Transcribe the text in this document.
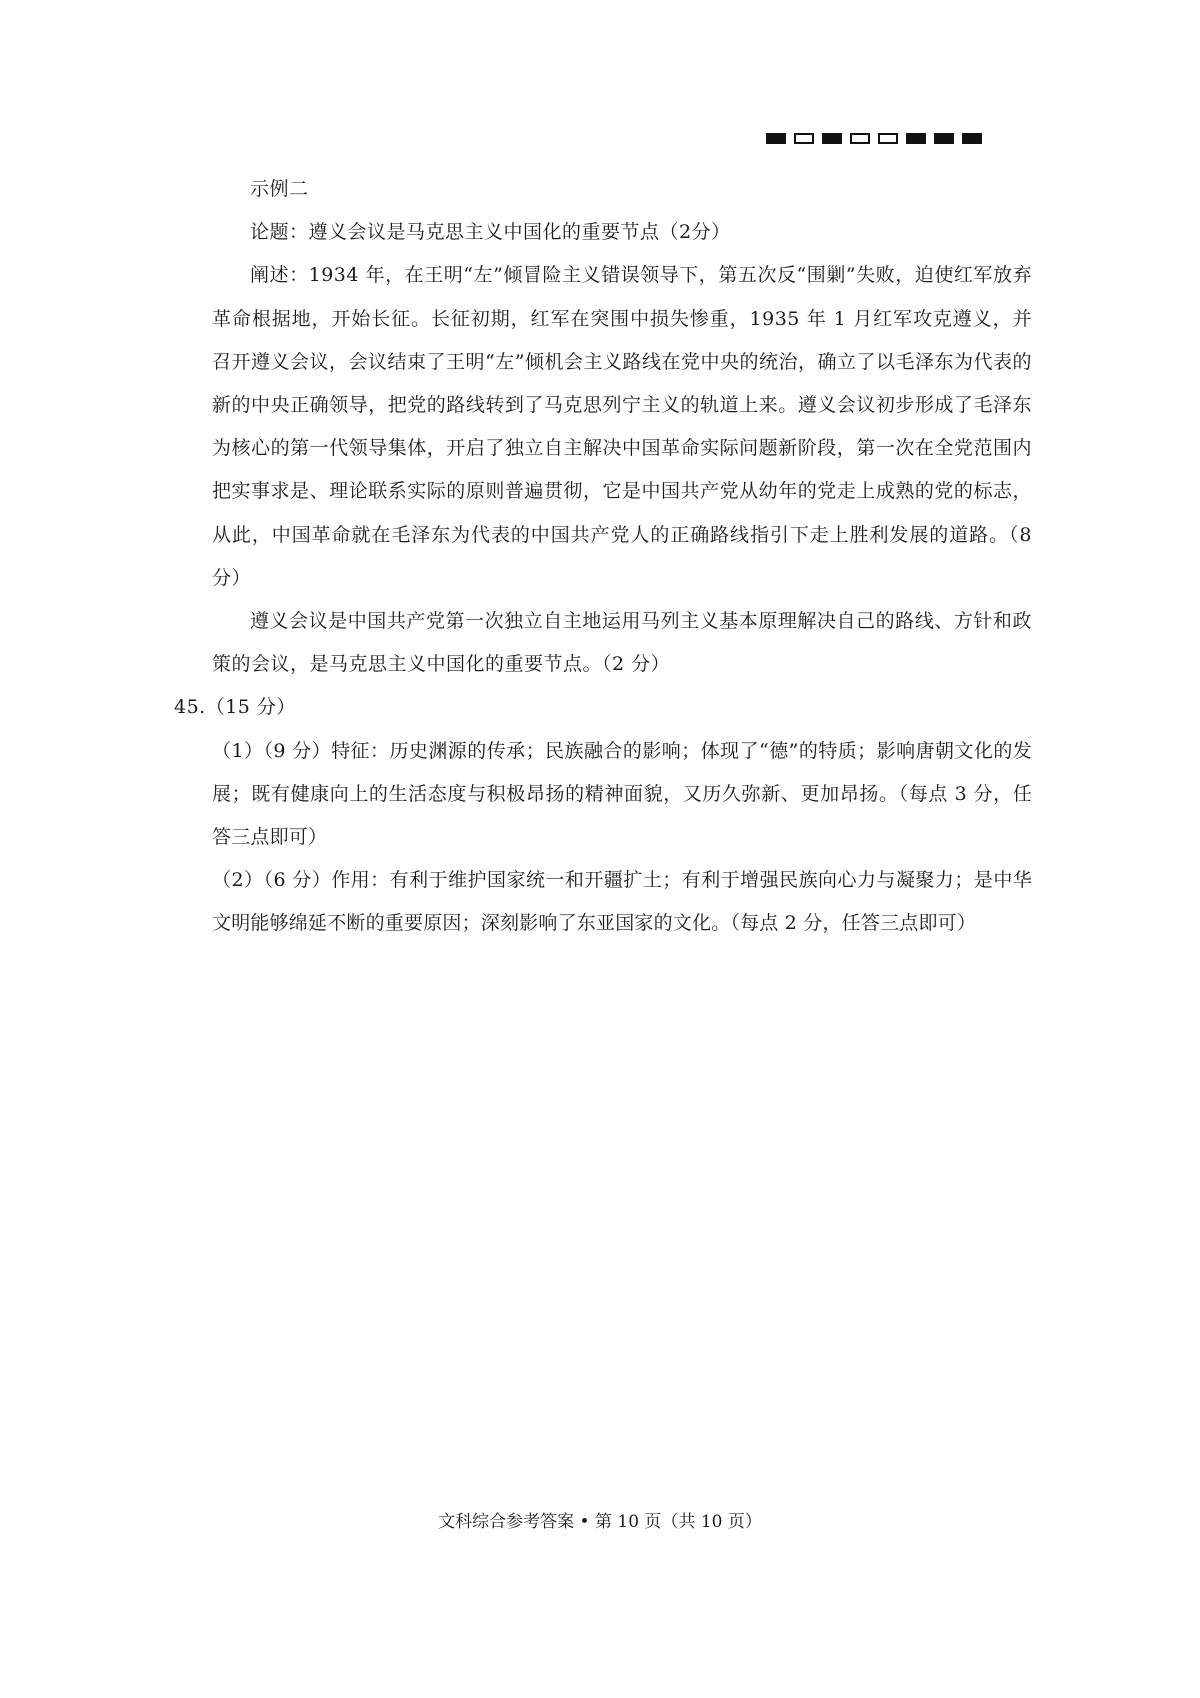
示例二

论题：遵义会议是马克思主义中国化的重要节点（2分）

阐述：1934 年，在王明“左”倾冒险主义错误领导下，第五次反“围剿”失败，迫使红军放弃革命根据地，开始长征。长征初期，红军在突围中损失惨重，1935 年 1 月红军攻克遵义，并召开遵义会议，会议结束了王明“左”倾机会主义路线在党中央的统治，确立了以毛泽东为代表的新的中央正确领导，把党的路线转到了马克思列宁主义的轨道上来。遵义会议初步形成了毛泽东为核心的第一代领导集体，开启了独立自主解决中国革命实际问题新阶段，第一次在全党范围内把实事求是、理论联系实际的原则普遍贯彻，它是中国共产党从幼年的党走上成熟的党的标志，从此，中国革命就在毛泽东为代表的中国共产党人的正确路线指引下走上胜利发展的道路。（8 分）

遵义会议是中国共产党第一次独立自主地运用马列主义基本原理解决自己的路线、方针和政策的会议，是马克思主义中国化的重要节点。（2 分）

45.（15 分）

（1）（9 分）特征：历史渊源的传承；民族融合的影响；体现了“德”的特质；影响唐朝文化的发展；既有健康向上的生活态度与积极昂扬的精神面貌，又历久弥新、更加昂扬。（每点 3 分，任答三点即可）

（2）（6 分）作用：有利于维护国家统一和开疆扩土；有利于增强民族向心力与凝聚力；是中华文明能够绵延不断的重要原因；深刻影响了东亚国家的文化。（每点 2 分，任答三点即可）

文科综合参考答案 • 第 10 页（共 10 页）
